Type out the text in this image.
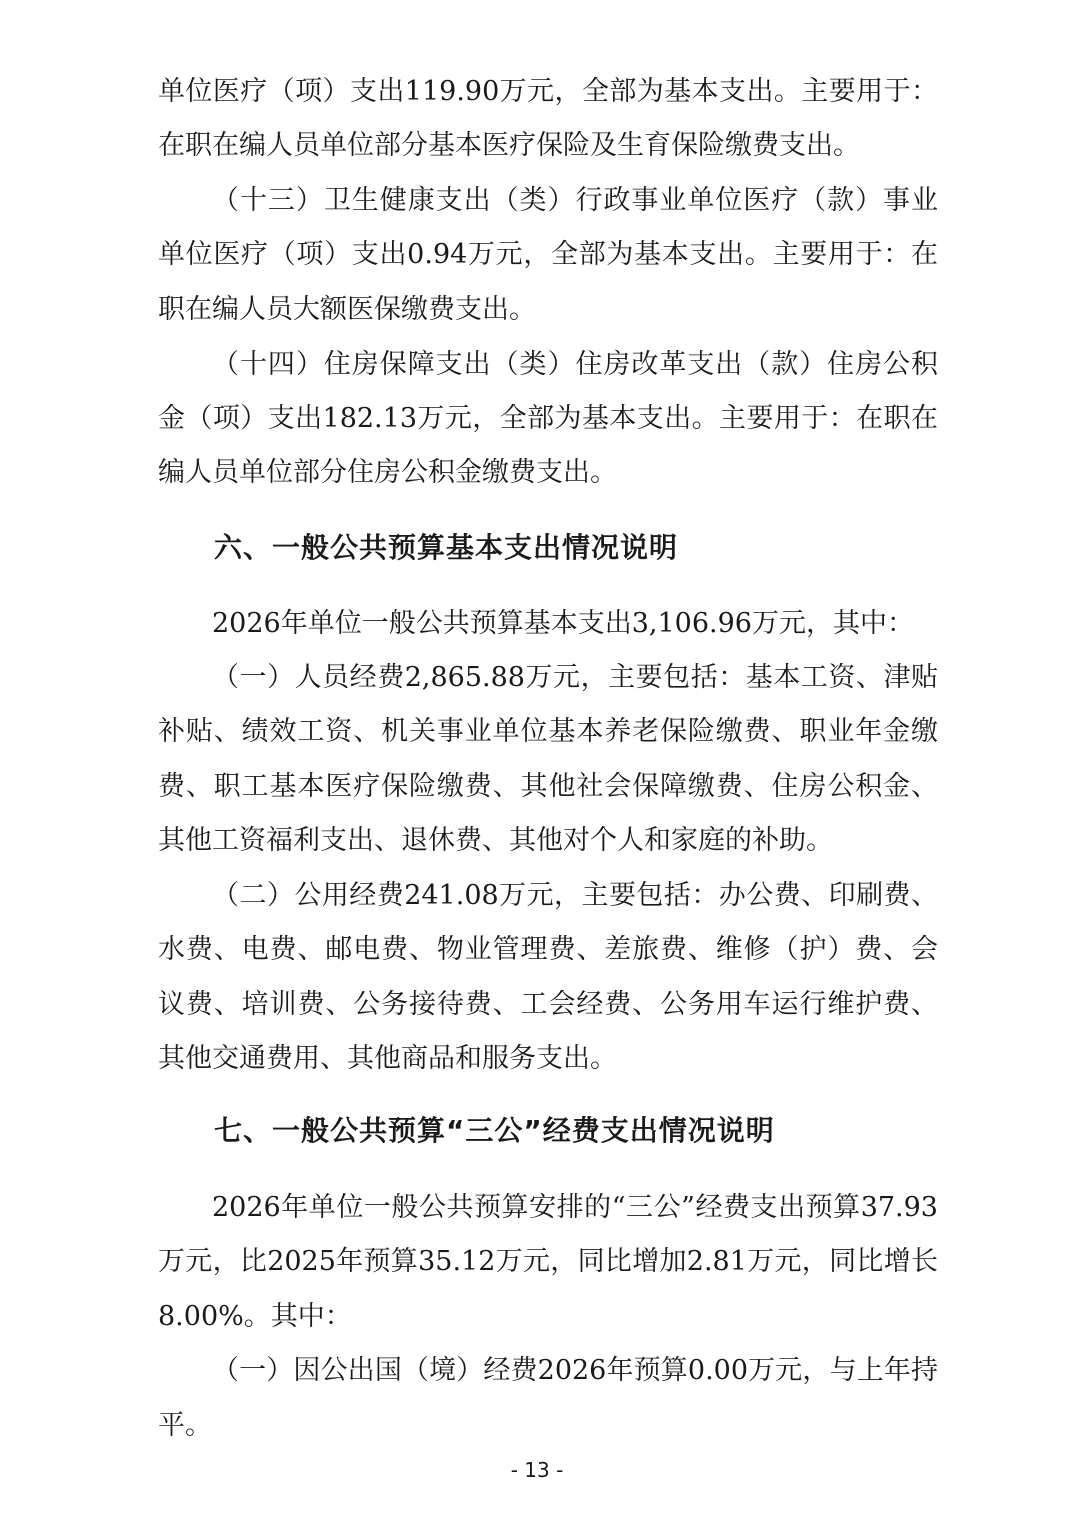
单位医疗（项）支出119.90万元，全部为基本支出。主要用于：
在职在编人员单位部分基本医疗保险及生育保险缴费支出。
（十三）卫生健康支出（类）行政事业单位医疗（款）事业
单位医疗（项）支出0.94万元，全部为基本支出。主要用于：在
职在编人员大额医保缴费支出。
（十四）住房保障支出（类）住房改革支出（款）住房公积
金（项）支出182.13万元，全部为基本支出。主要用于：在职在
编人员单位部分住房公积金缴费支出。
六、一般公共预算基本支出情况说明
2026年单位一般公共预算基本支出3,106.96万元，其中：
（一）人员经费2,865.88万元，主要包括：基本工资、津贴
补贴、绩效工资、机关事业单位基本养老保险缴费、职业年金缴
费、职工基本医疗保险缴费、其他社会保障缴费、住房公积金、
其他工资福利支出、退休费、其他对个人和家庭的补助。
（二）公用经费241.08万元，主要包括：办公费、印刷费、
水费、电费、邮电费、物业管理费、差旅费、维修（护）费、会
议费、培训费、公务接待费、工会经费、公务用车运行维护费、
其他交通费用、其他商品和服务支出。
七、一般公共预算“三公”经费支出情况说明
2026年单位一般公共预算安排的“三公”经费支出预算37.93
万元，比2025年预算35.12万元，同比增加2.81万元，同比增长
8.00%。其中：
（一）因公出国（境）经费2026年预算0.00万元，与上年持
平。
- 13 -
